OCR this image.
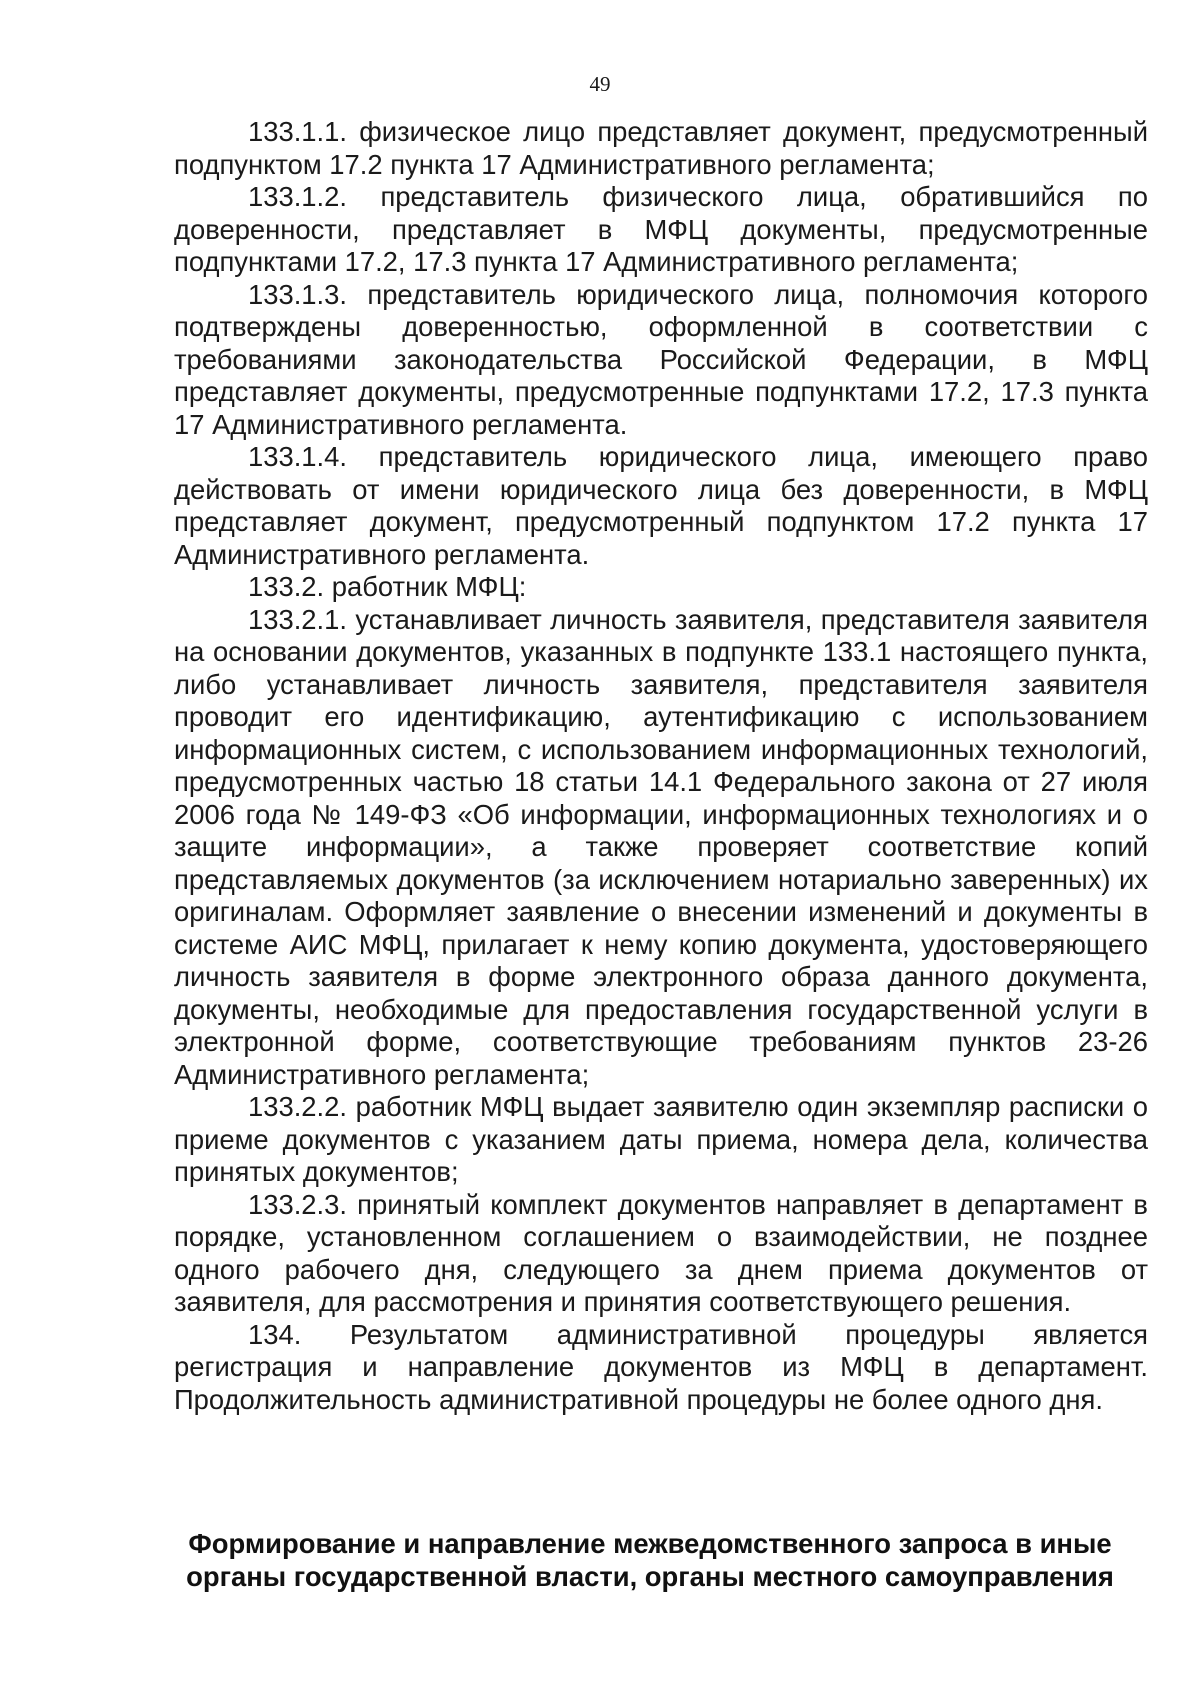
49

133.1.1. физическое лицо представляет документ, предусмотренный подпунктом 17.2 пункта 17 Административного регламента;

133.1.2. представитель физического лица, обратившийся по доверенности, представляет в МФЦ документы, предусмотренные подпунктами 17.2, 17.3 пункта 17 Административного регламента;

133.1.3. представитель юридического лица, полномочия которого подтверждены доверенностью, оформленной в соответствии с требованиями законодательства Российской Федерации, в МФЦ представляет документы, предусмотренные подпунктами 17.2, 17.3 пункта 17 Административного регламента.

133.1.4. представитель юридического лица, имеющего право действовать от имени юридического лица без доверенности, в МФЦ представляет документ, предусмотренный подпунктом 17.2 пункта 17 Административного регламента.

133.2. работник МФЦ:

133.2.1. устанавливает личность заявителя, представителя заявителя на основании документов, указанных в подпункте 133.1 настоящего пункта, либо устанавливает личность заявителя, представителя заявителя проводит его идентификацию, аутентификацию с использованием информационных систем, с использованием информационных технологий, предусмотренных частью 18 статьи 14.1 Федерального закона от 27 июля 2006 года № 149-ФЗ «Об информации, информационных технологиях и о защите информации», а также проверяет соответствие копий представляемых документов (за исключением нотариально заверенных) их оригиналам. Оформляет заявление о внесении изменений и документы в системе АИС МФЦ, прилагает к нему копию документа, удостоверяющего личность заявителя в форме электронного образа данного документа, документы, необходимые для предоставления государственной услуги в электронной форме, соответствующие требованиям пунктов 23-26 Административного регламента;

133.2.2. работник МФЦ выдает заявителю один экземпляр расписки о приеме документов с указанием даты приема, номера дела, количества принятых документов;

133.2.3. принятый комплект документов направляет в департамент в порядке, установленном соглашением о взаимодействии, не позднее одного рабочего дня, следующего за днем приема документов от заявителя, для рассмотрения и принятия соответствующего решения.

134. Результатом административной процедуры является регистрация и направление документов из МФЦ в департамент. Продолжительность административной процедуры не более одного дня.

Формирование и направление межведомственного запроса в иные
органы государственной власти, органы местного самоуправления
